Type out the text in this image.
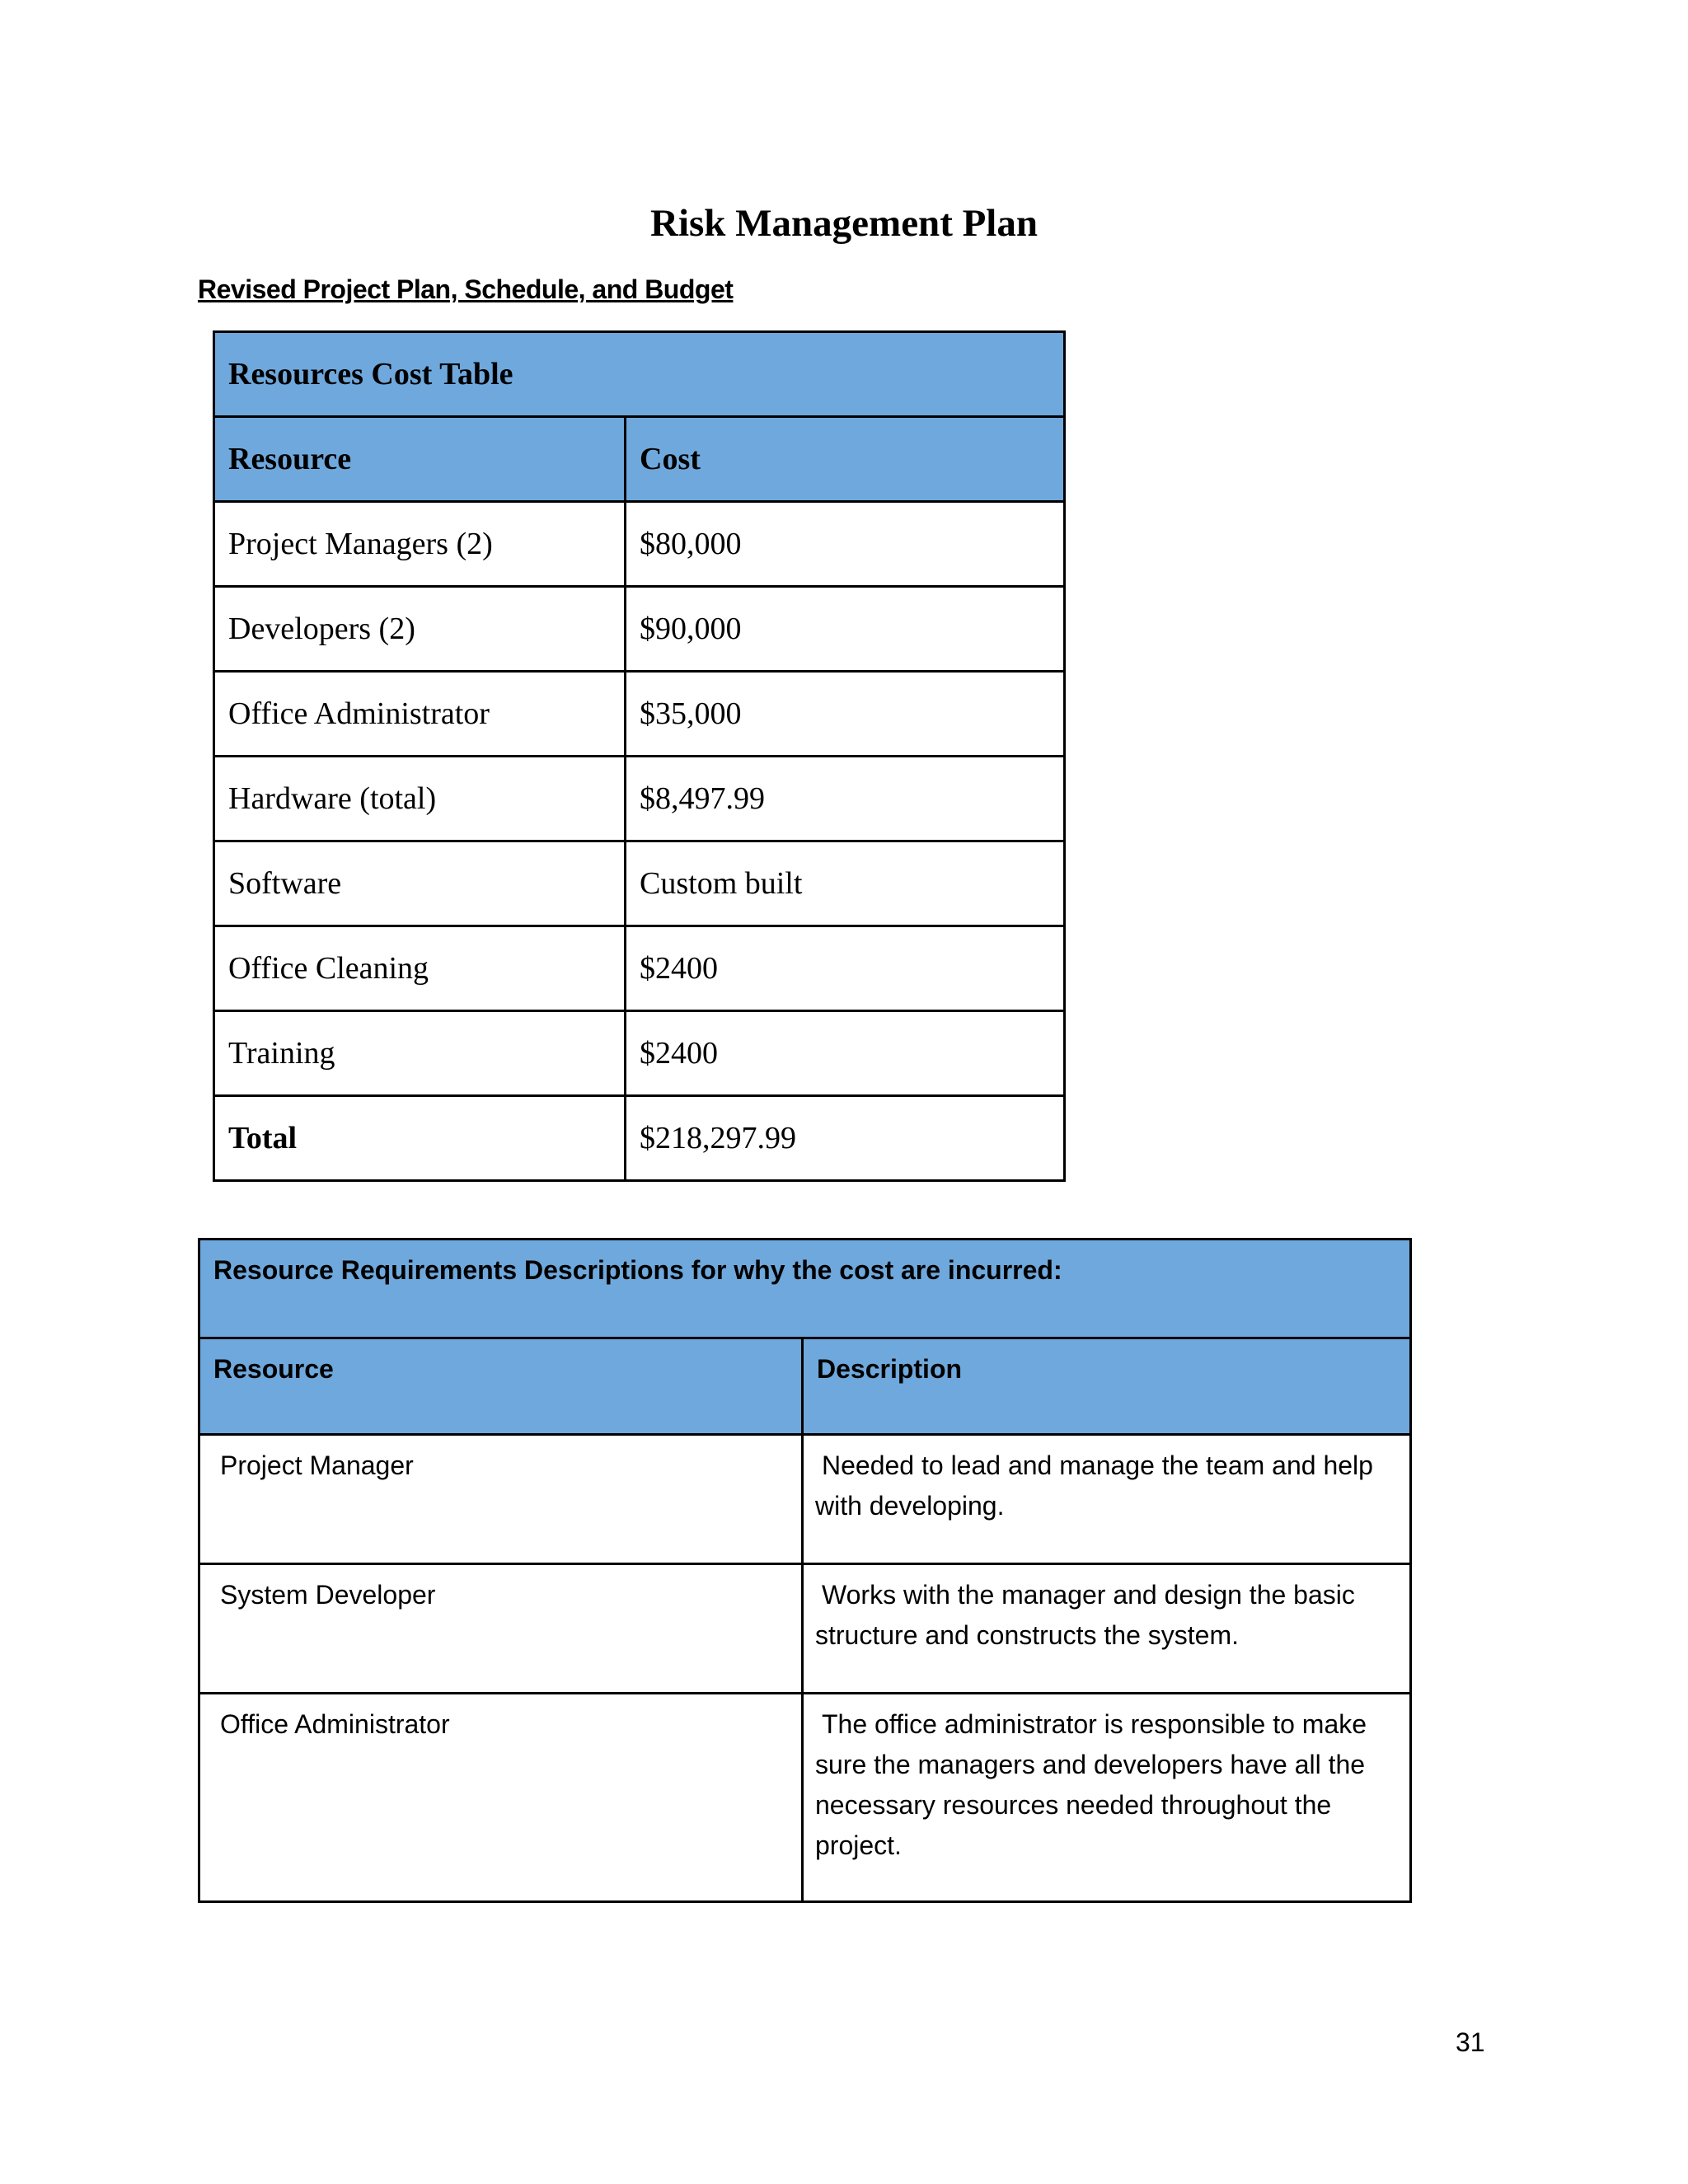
Risk Management Plan
Revised Project Plan, Schedule, and Budget
Resources Cost Table	
Resource	Cost
Project Managers (2)	$80,000
Developers (2)	$90,000
Office Administrator	$35,000
Hardware (total)	$8,497.99
Software	Custom built
Office Cleaning	$2400
Training	$2400
Total	$218,297.99
Resource Requirements Descriptions for why the cost are incurred:	
Resource	Description
Project Manager	Needed to lead and manage the team and help with developing.
System Developer	Works with the manager and design the basic structure and constructs the system.
Office Administrator	The office administrator is responsible to make sure the managers and developers have all the necessary resources needed throughout the project.
31
